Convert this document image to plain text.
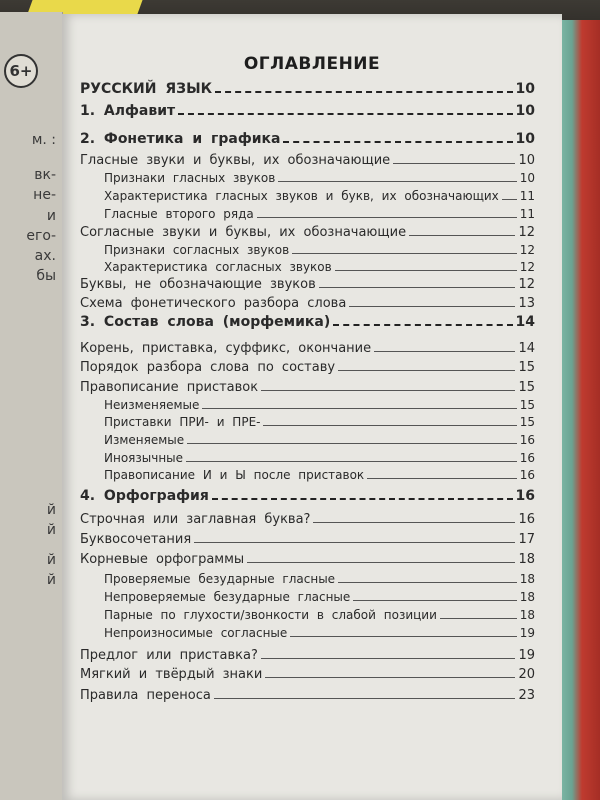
6+
м. :
вк-
не-
и
его-
ах.
бы
й
й
й
й
ОГЛАВЛЕНИЕ
РУССКИЙ ЯЗЫК	10
1. Алфавит	10
2. Фонетика и графика	10
Гласные звуки и буквы, их обозначающие	10
Признаки гласных звуков	10
Характеристика гласных звуков и букв, их обозначающих 11
Гласные второго ряда	11
Согласные звуки и буквы, их обозначающие	12
Признаки согласных звуков	12
Характеристика согласных звуков	12
Буквы, не обозначающие звуков	12
Схема фонетического разбора слова	13
3. Состав слова (морфемика)	14
Корень, приставка, суффикс, окончание	14
Порядок разбора слова по составу	15
Правописание приставок	15
Неизменяемые	15
Приставки ПРИ- и ПРЕ-	15
Изменяемые	16
Иноязычные	16
Правописание И и Ы после приставок	16
4. Орфография	16
Строчная или заглавная буква?	16
Буквосочетания	17
Корневые орфограммы	18
Проверяемые безударные гласные	18
Непроверяемые безударные гласные	18
Парные по глухости/звонкости в слабой позиции	18
Непроизносимые согласные	19
Предлог или приставка?	19
Мягкий и твёрдый знаки	20
Правила переноса	23
